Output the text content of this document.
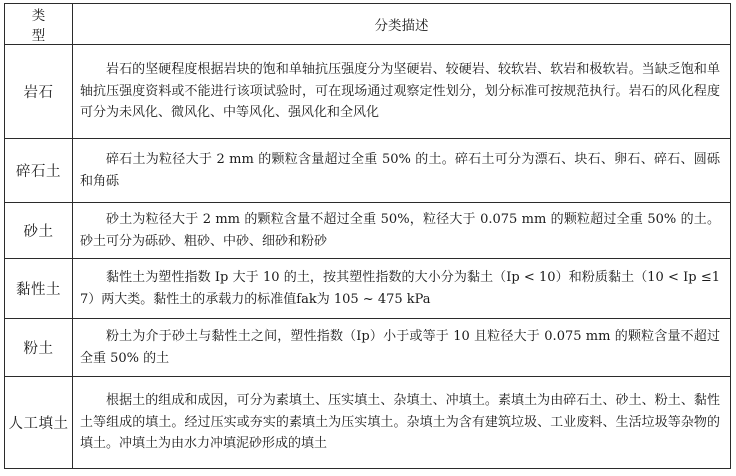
类 型	分类描述
岩石	岩石的坚硬程度根据岩块的饱和单轴抗压强度分为坚硬岩、较硬岩、较软岩、软岩和极软岩。当缺乏饱和单轴抗压强度资料或不能进行该项试验时，可在现场通过观察定性划分，划分标准可按规范执行。岩石的风化程度可分为未风化、微风化、中等风化、强风化和全风化

碎石土	碎石土为粒径大于 2 mm 的颗粒含量超过全重 50% 的土。碎石土可分为漂石、块石、卵石、碎石、圆砾和角砾

砂土	砂土为粒径大于 2 mm 的颗粒含量不超过全重 50%，粒径大于 0.075 mm 的颗粒超过全重 50% 的土。砂土可分为砾砂、粗砂、中砂、细砂和粉砂

黏性土	黏性土为塑性指数 Ip 大于 10 的土，按其塑性指数的大小分为黏土（Ip < 10）和粉质黏土（10 < Ip ≤17）两大类。黏性土的承载力的标准值fak为 105 ~ 475 kPa

粉土	粉土为介于砂土与黏性土之间，塑性指数（Ip）小于或等于 10 且粒径大于 0.075 mm 的颗粒含量不超过全重 50% 的土

人工填土	根据土的组成和成因，可分为素填土、压实填土、杂填土、冲填土。素填土为由碎石土、砂土、粉土、黏性土等组成的填土。经过压实或夯实的素填土为压实填土。杂填土为含有建筑垃圾、工业废料、生活垃圾等杂物的填土。冲填土为由水力冲填泥砂形成的填土
